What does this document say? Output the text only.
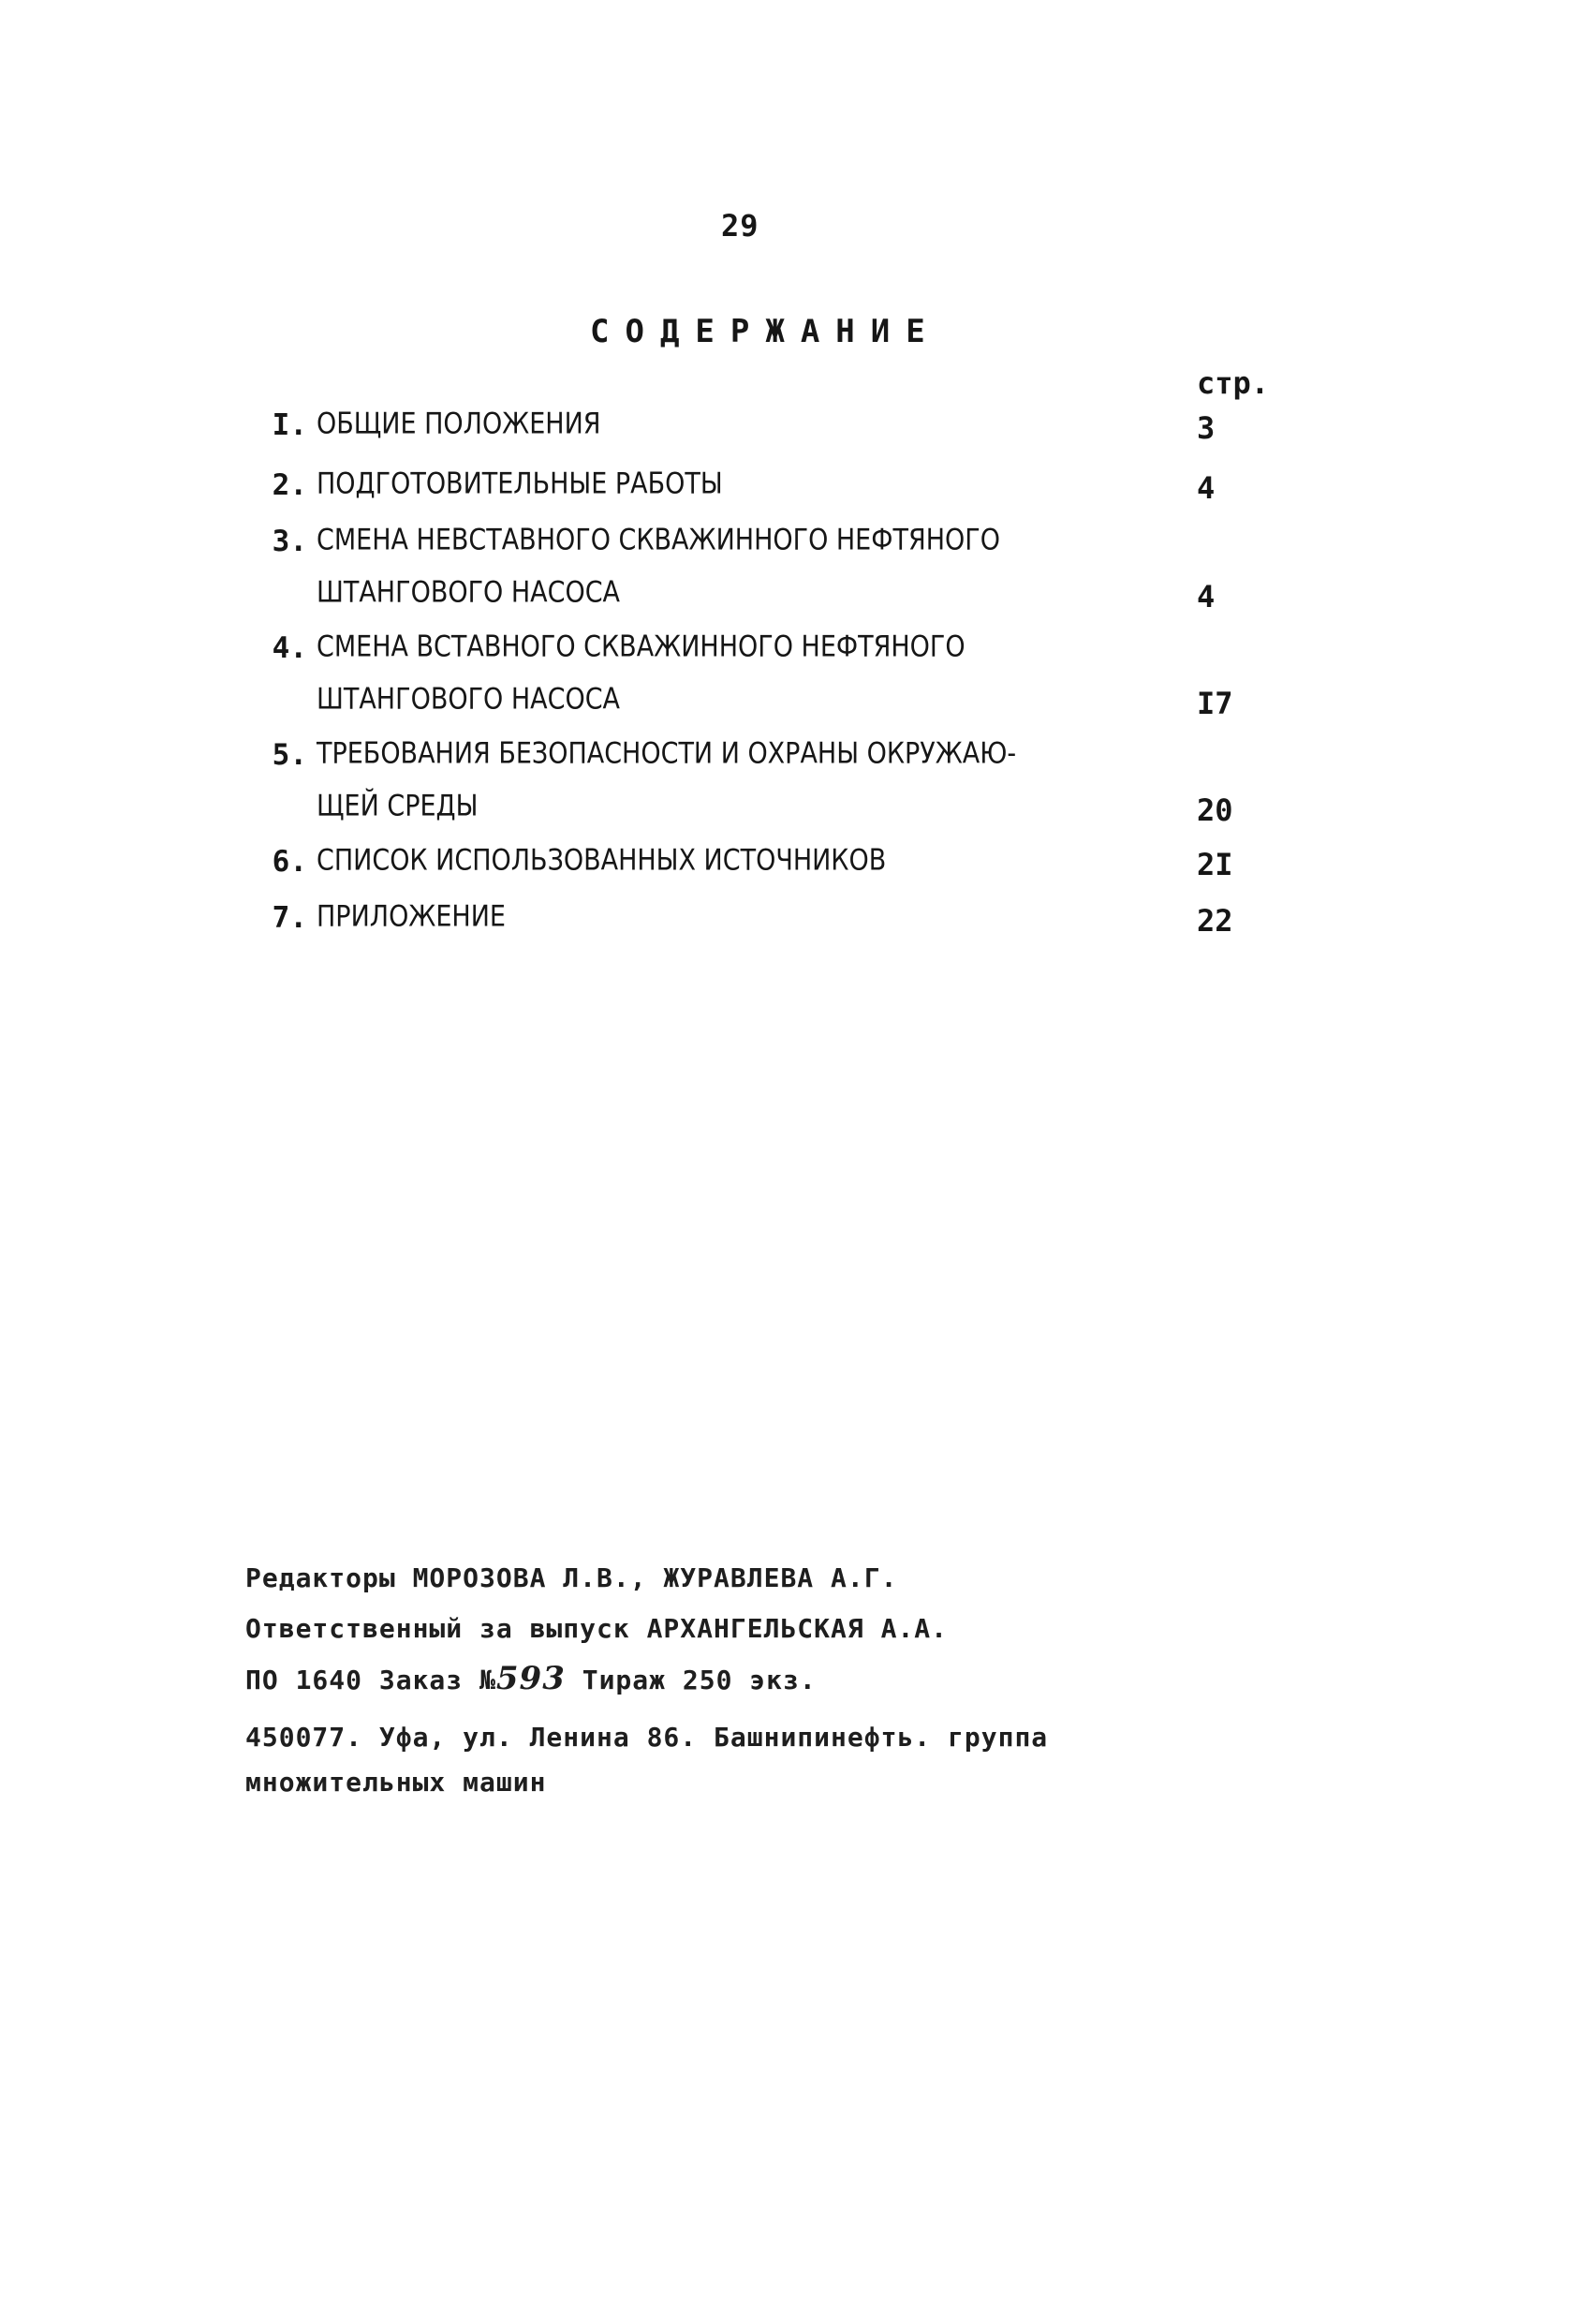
29
СОДЕРЖАНИЕ
стр.
I. ОБЩИЕ ПОЛОЖЕНИЯ	3
2. ПОДГОТОВИТЕЛЬНЫЕ РАБОТЫ	4
3. СМЕНА НЕВСТАВНОГО СКВАЖИННОГО НЕФТЯНОГО
ШТАНГОВОГО НАСОСА	4
4. СМЕНА ВСТАВНОГО СКВАЖИННОГО НЕФТЯНОГО
ШТАНГОВОГО НАСОСА	I7
5. ТРЕБОВАНИЯ БЕЗОПАСНОСТИ И ОХРАНЫ ОКРУЖАЮ-
ЩЕЙ СРЕДЫ	20
6. СПИСОК ИСПОЛЬЗОВАННЫХ ИСТОЧНИКОВ	2I
7. ПРИЛОЖЕНИЕ	22
Редакторы МОРОЗОВА Л.В., ЖУРАВЛЕВА А.Г.
Ответственный за выпуск АРХАНГЕЛЬСКАЯ А.А.
ПО 1640 Заказ №593 Тираж 250 экз.
450077. Уфа, ул. Ленина 86. Башнипинефть. группа
множительных машин
